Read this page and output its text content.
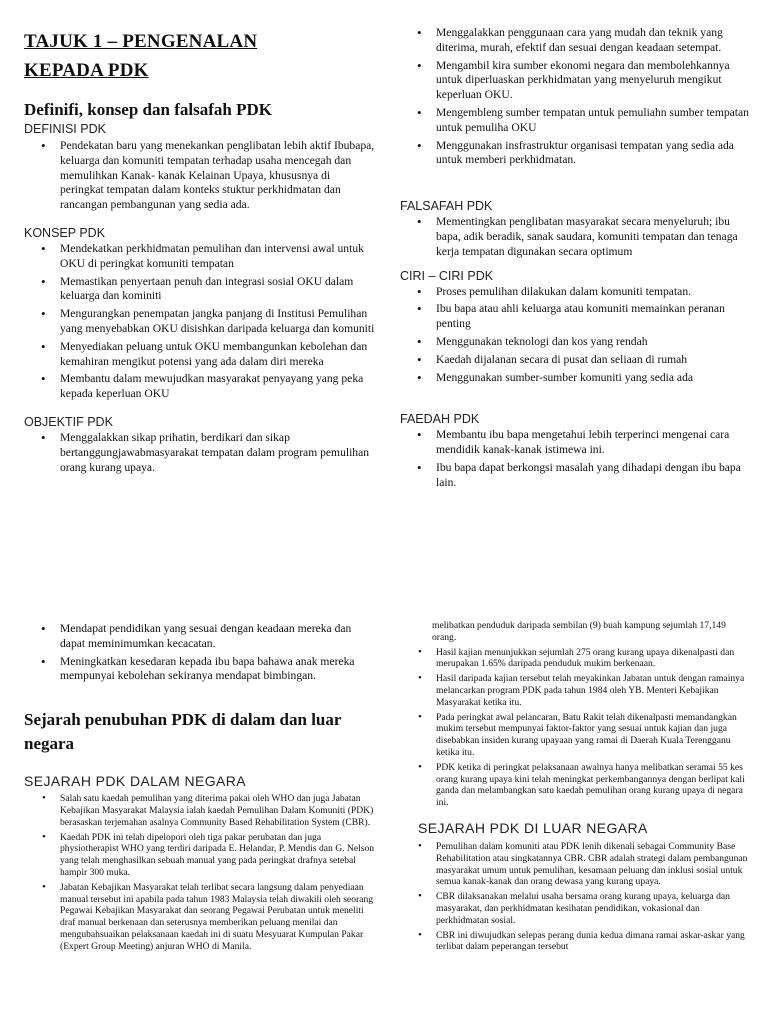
TAJUK 1 – PENGENALAN
KEPADA PDK
Definifi, konsep dan falsafah PDK
DEFINISI PDK
• Pendekatan baru yang menekankan penglibatan lebih aktif Ibubapa, keluarga dan komuniti tempatan terhadap usaha mencegah dan memulihkan Kanak- kanak Kelainan Upaya, khususnya di peringkat tempatan dalam konteks stuktur perkhidmatan dan rancangan pembangunan yang sedia ada.
KONSEP PDK
• Mendekatkan perkhidmatan pemulihan dan intervensi awal untuk OKU di peringkat komuniti tempatan
• Memastikan penyertaan penuh dan integrasi sosial OKU dalam keluarga dan kominiti
• Mengurangkan penempatan jangka panjang di Institusi Pemulihan yang menyebabkan OKU disishkan daripada keluarga dan komuniti
• Menyediakan peluang untuk OKU membangunkan kebolehan dan kemahiran mengikut potensi yang ada dalam diri mereka
• Membantu dalam mewujudkan masyarakat penyayang yang peka kepada keperluan OKU
OBJEKTIF PDK
• Menggalakkan sikap prihatin, berdikari dan sikap bertanggungjawabmasyarakat tempatan dalam program pemulihan orang kurang upaya.
• Menggalakkan penggunaan cara yang mudah dan teknik yang diterima, murah, efektif dan sesuai dengan keadaan setempat.
• Mengambil kira sumber ekonomi negara dan membolehkannya untuk diperluaskan perkhidmatan yang menyeluruh mengikut keperluan OKU.
• Mengembleng sumber tempatan untuk pemuliahn sumber tempatan untuk pemuliha OKU
• Menggunakan insfrastruktur organisasi tempatan yang sedia ada untuk memberi perkhidmatan.
FALSAFAH PDK
• Mementingkan penglibatan masyarakat secara menyeluruh; ibu bapa, adik beradik, sanak saudara, komuniti tempatan dan tenaga kerja tempatan digunakan secara optimum
CIRI – CIRI PDK
• Proses pemulihan dilakukan dalam komuniti tempatan.
• Ibu bapa atau ahli keluarga atau komuniti memainkan peranan penting
• Menggunakan teknologi dan kos yang rendah
• Kaedah dijalanan secara di pusat dan seliaan di rumah
• Menggunakan sumber-sumber komuniti yang sedia ada
FAEDAH PDK
• Membantu ibu bapa mengetahui lebih terperinci mengenai cara mendidik kanak-kanak istimewa ini.
• Ibu bapa dapat berkongsi masalah yang dihadapi dengan ibu bapa lain.
• Mendapat pendidikan yang sesuai dengan keadaan mereka dan dapat meminimumkan kecacatan.
• Meningkatkan kesedaran kepada ibu bapa bahawa anak mereka mempunyai kebolehan sekiranya mendapat bimbingan.
Sejarah penubuhan PDK di dalam dan luar
negara
SEJARAH PDK DALAM NEGARA
• Salah satu kaedah pemulihan yang diterima pakai oleh WHO dan juga Jabatan Kebajikan Masyarakat Malaysia ialah kaedah Pemulihan Dalam Komuniti (PDK) berasaskan terjemahan asalnya Community Based Rehabilitation System (CBR).
• Kaedah PDK ini telah dipelopori oleh tiga pakar perubatan dan juga physiotherapist WHO yang terdiri daripada E. Helandar, P. Mendis dan G. Nelson yang telah menghasilkan sebuah manual yang pada peringkat drafnya setebal hampir 300 muka.
• Jabatan Kebajikan Masyarakat telah terlibat secara langsung dalam penyediaan manual tersebut ini apabila pada tahun 1983 Malaysia telah diwakili oleh seorang Pegawai Kebajikan Masyarakat dan seorang Pegawai Perubatan untuk meneliti draf manual berkenaan dan seterusnya memberikan peluang menilai dan mengubahsuaikan pelaksanaan kaedah ini di suatu Mesyuarat Kumpulan Pakar (Expert Group Meeting) anjuran WHO di Manila.

melibatkan penduduk daripada sembilan (9) buah kampung sejumlah 17,149 orang.

• Hasil kajian menunjukkan sejumlah 275 orang kurang upaya dikenalpasti dan merupakan 1.65% daripada penduduk mukim berkenaan.
• Hasil daripada kajian tersebut telah meyakinkan Jabatan untuk dengan ramainya melancarkan program PDK pada tahun 1984 oleh YB. Menteri Kebajikan Masyarakat ketika itu.
• Pada peringkat awal pelancaran, Batu Rakit telah dikenalpasti memandangkan mukim tersebut mempunyai faktor-faktor yang sesuai untuk kajian dan juga disebabkan insiden kurang upayaan yang ramai di Daerah Kuala Terengganu ketika itu.
• PDK ketika di peringkat pelaksanaan awalnya hanya melibatkan seramai 55 kes orang kurang upaya kini telah meningkat perkembangannya dengan berlipat kali ganda dan melambangkan satu kaedah pemulihan orang kurang upaya di negara ini.
SEJARAH PDK DI LUAR NEGARA
• Pemulihan dalam komuniti atau PDK lenih dikenali sebagai Community Base Rehabilitation atau singkatannya CBR. CBR adalah strategi dalam pembangunan masyarakat umum untuk pemulihan, kesamaan peluang dan inklusi sosial untuk semua kanak-kanak dan orang dewasa yang kurang upaya.
• CBR dilaksanakan melalui usaha bersama orang kurang upaya, keluarga dan masyarakat, dan perkhidmatan kesihatan pendidikan, vokasional dan perkhidmatan sosial.
• CBR ini diwujudkan selepas perang dunia kedua dimana ramai askar-askar yang terlibat dalam peperangan tersebut
